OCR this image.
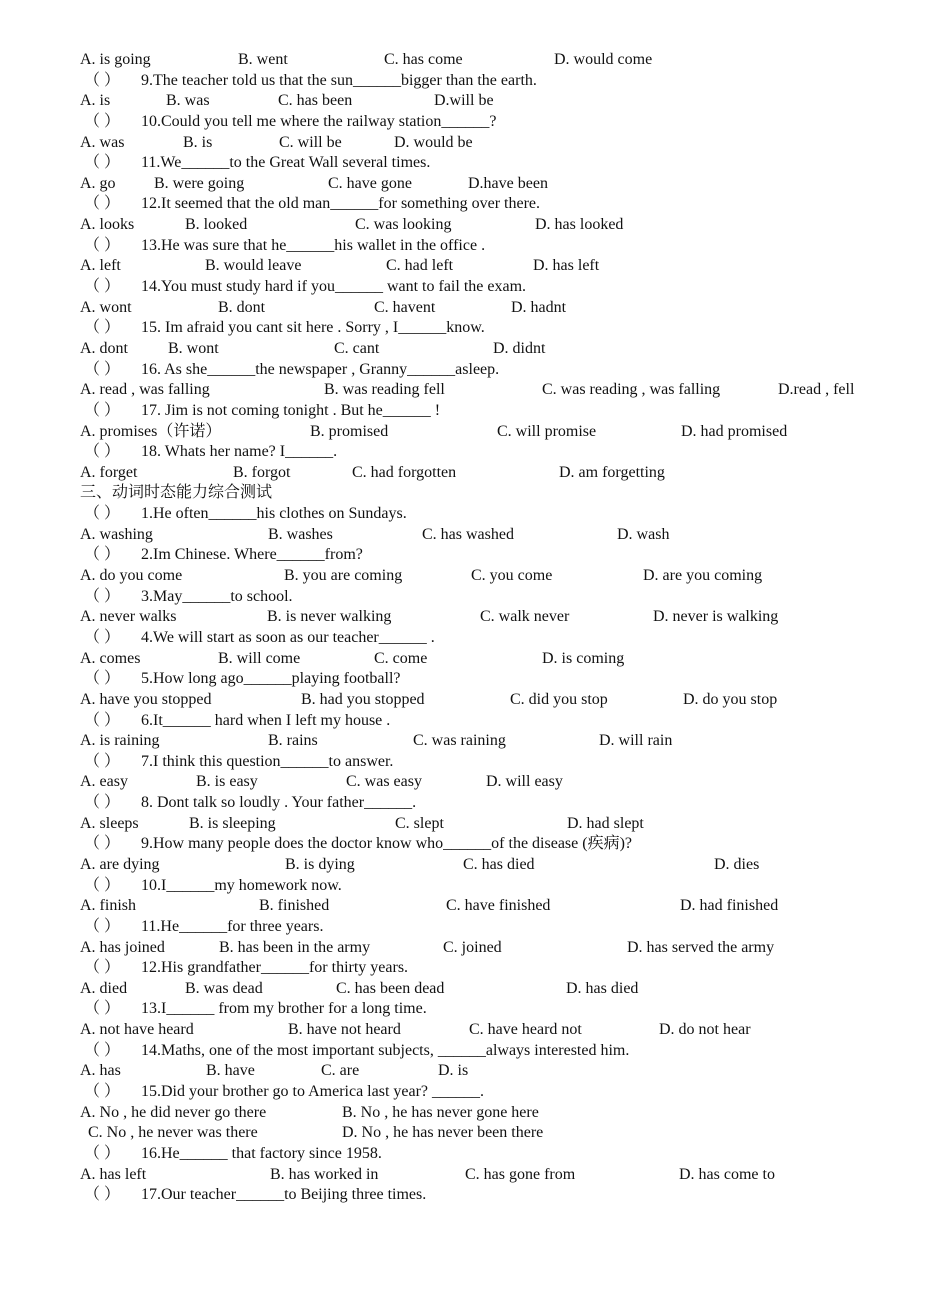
A. is going	B. went	C. has come	D. would come
（ ） 9.The teacher told us that the sun______bigger than the earth.
A. is	B. was	C. has been	D.will be
（ ） 10.Could you tell me where the railway station______?
A. was	B. is	C. will be	D. would be
（ ） 11.We______to the Great Wall several times.
A. go B. were going	C. have gone	D.have been
（ ） 12.It seemed that the old man______for something over there.
A. looks	B. looked	C. was looking	D. has looked
（ ） 13.He was sure that he______his wallet in the office .
A. left	B. would leave	C. had left	D. has left
（ ） 14.You must study hard if you______ want to fail the exam.
A. wont	B. dont	C. havent	D. hadnt
（ ） 15. Im afraid you cant sit here . Sorry , I______know.
A. dont	B. wont	C. cant	D. didnt
（ ） 16. As she______the newspaper , Granny______asleep.
A. read , was falling	B. was reading fell	C. was reading , was falling	D.read , fell
（ ） 17. Jim is not coming tonight . But he______ !
A. promises（许诺）	B. promised	C. will promise	D. had promised
（ ） 18. Whats her name? I______.
A. forget	B. forgot	C. had forgotten	D. am forgetting
三、动词时态能力综合测试
（ ） 1.He often______his clothes on Sundays.
A. washing	B. washes	C. has washed	D. wash
（ ） 2.Im Chinese. Where______from?
A. do you come	B. you are coming	C. you come	D. are you coming
（ ） 3.May______to school.
A. never walks	B. is never walking	C. walk never	D. never is walking
（ ） 4.We will start as soon as our teacher______ .
A. comes	B. will come	C. come	D. is coming
（ ） 5.How long ago______playing football?
A. have you stopped	B. had you stopped	C. did you stop	D. do you stop
（ ） 6.It______ hard when I left my house .
A. is raining	B. rains	C. was raining	D. will rain
（ ） 7.I think this question______to answer.
A. easy	B. is easy	C. was easy	D. will easy
（ ） 8. Dont talk so loudly . Your father______.
A. sleeps	B. is sleeping	C. slept	D. had slept
（ ） 9.How many people does the doctor know who______of the disease (疾病)?
A. are dying	B. is dying	C. has died	D. dies
（ ） 10.I______my homework now.
A. finish	B. finished	C. have finished	D. had finished
（ ） 11.He______for three years.
A. has joined	B. has been in the army	C. joined	D. has served the army
（ ） 12.His grandfather______for thirty years.
A. died	B. was dead	C. has been dead	D. has died
（ ） 13.I______ from my brother for a long time.
A. not have heard	B. have not heard	C. have heard not	D. do not hear
（ ） 14.Maths, one of the most important subjects, ______always interested him.
A. has	B. have	C. are	D. is
（ ） 15.Did your brother go to America last year? ______.
A. No , he did never go there	B. No , he has never gone here
C. No , he never was there	D. No , he has never been there
（ ） 16.He______ that factory since 1958.
A. has left	B. has worked in	C. has gone from	D. has come to
（ ） 17.Our teacher______to Beijing three times.
